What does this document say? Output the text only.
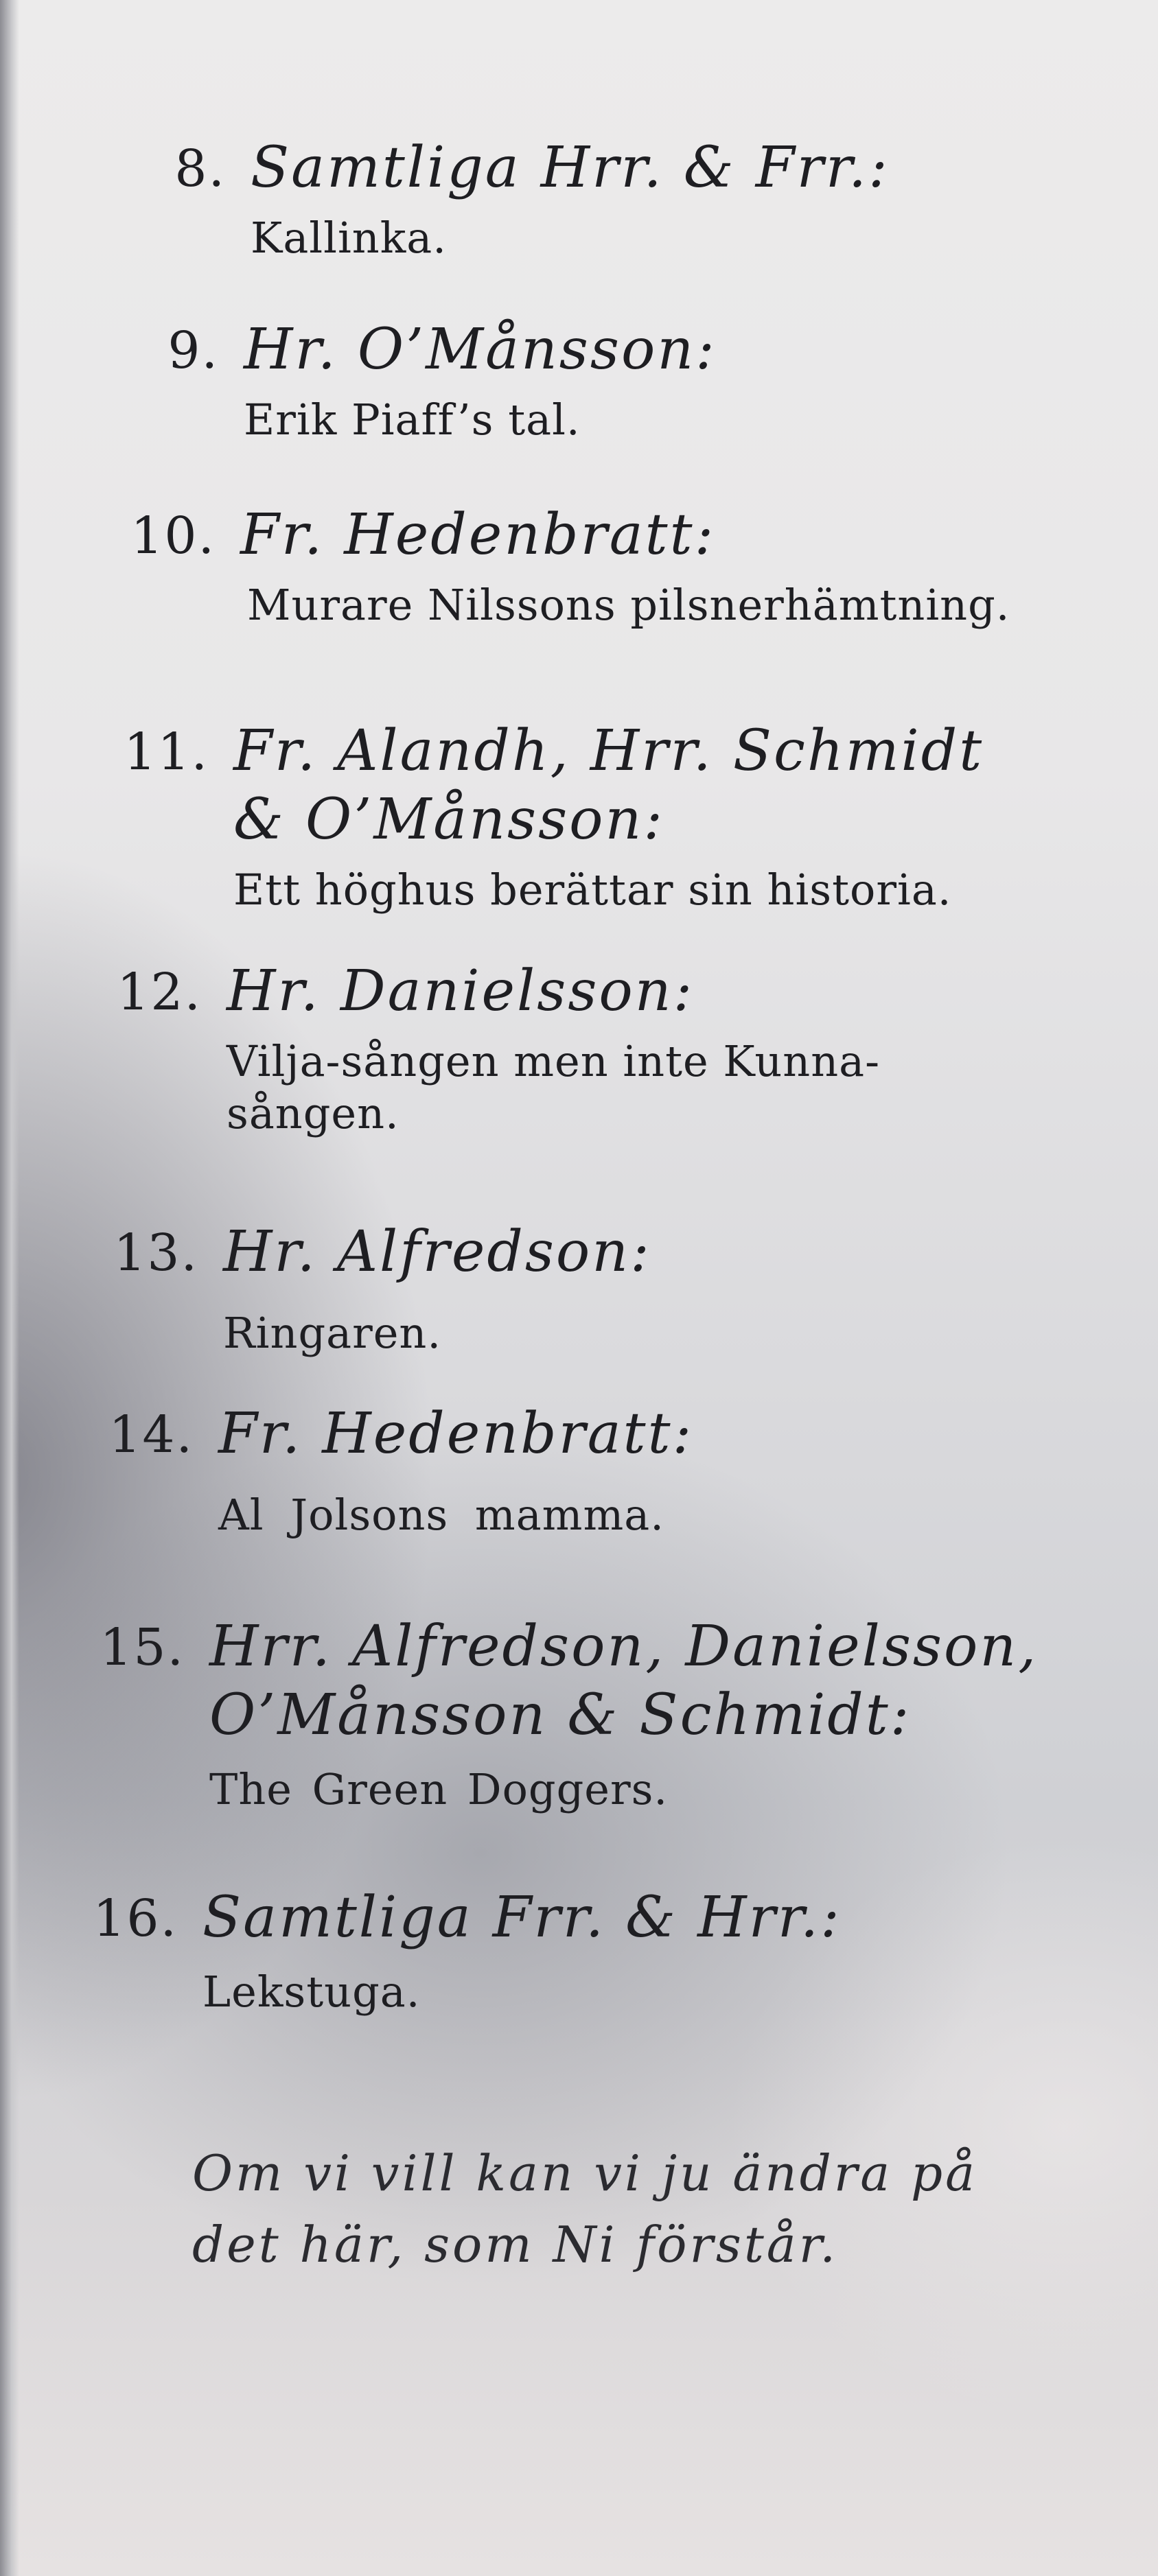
8. Samtliga Hrr. & Frr.:
Kallinka.
9. Hr. O’Månsson:
Erik Piaff’s tal.
10. Fr. Hedenbratt:
Murare Nilssons pilsnerhämtning.
11. Fr. Alandh, Hrr. Schmidt
& O’Månsson:
Ett höghus berättar sin historia.
12. Hr. Danielsson:
Vilja-sången men inte Kunna-
sången.
13. Hr. Alfredson:
Ringaren.
14. Fr. Hedenbratt:
Al Jolsons mamma.
15. Hrr. Alfredson, Danielsson,
O’Månsson & Schmidt:
The Green Doggers.
16. Samtliga Frr. & Hrr.:
Lekstuga.
Om vi vill kan vi ju ändra på
det här, som Ni förstår.
